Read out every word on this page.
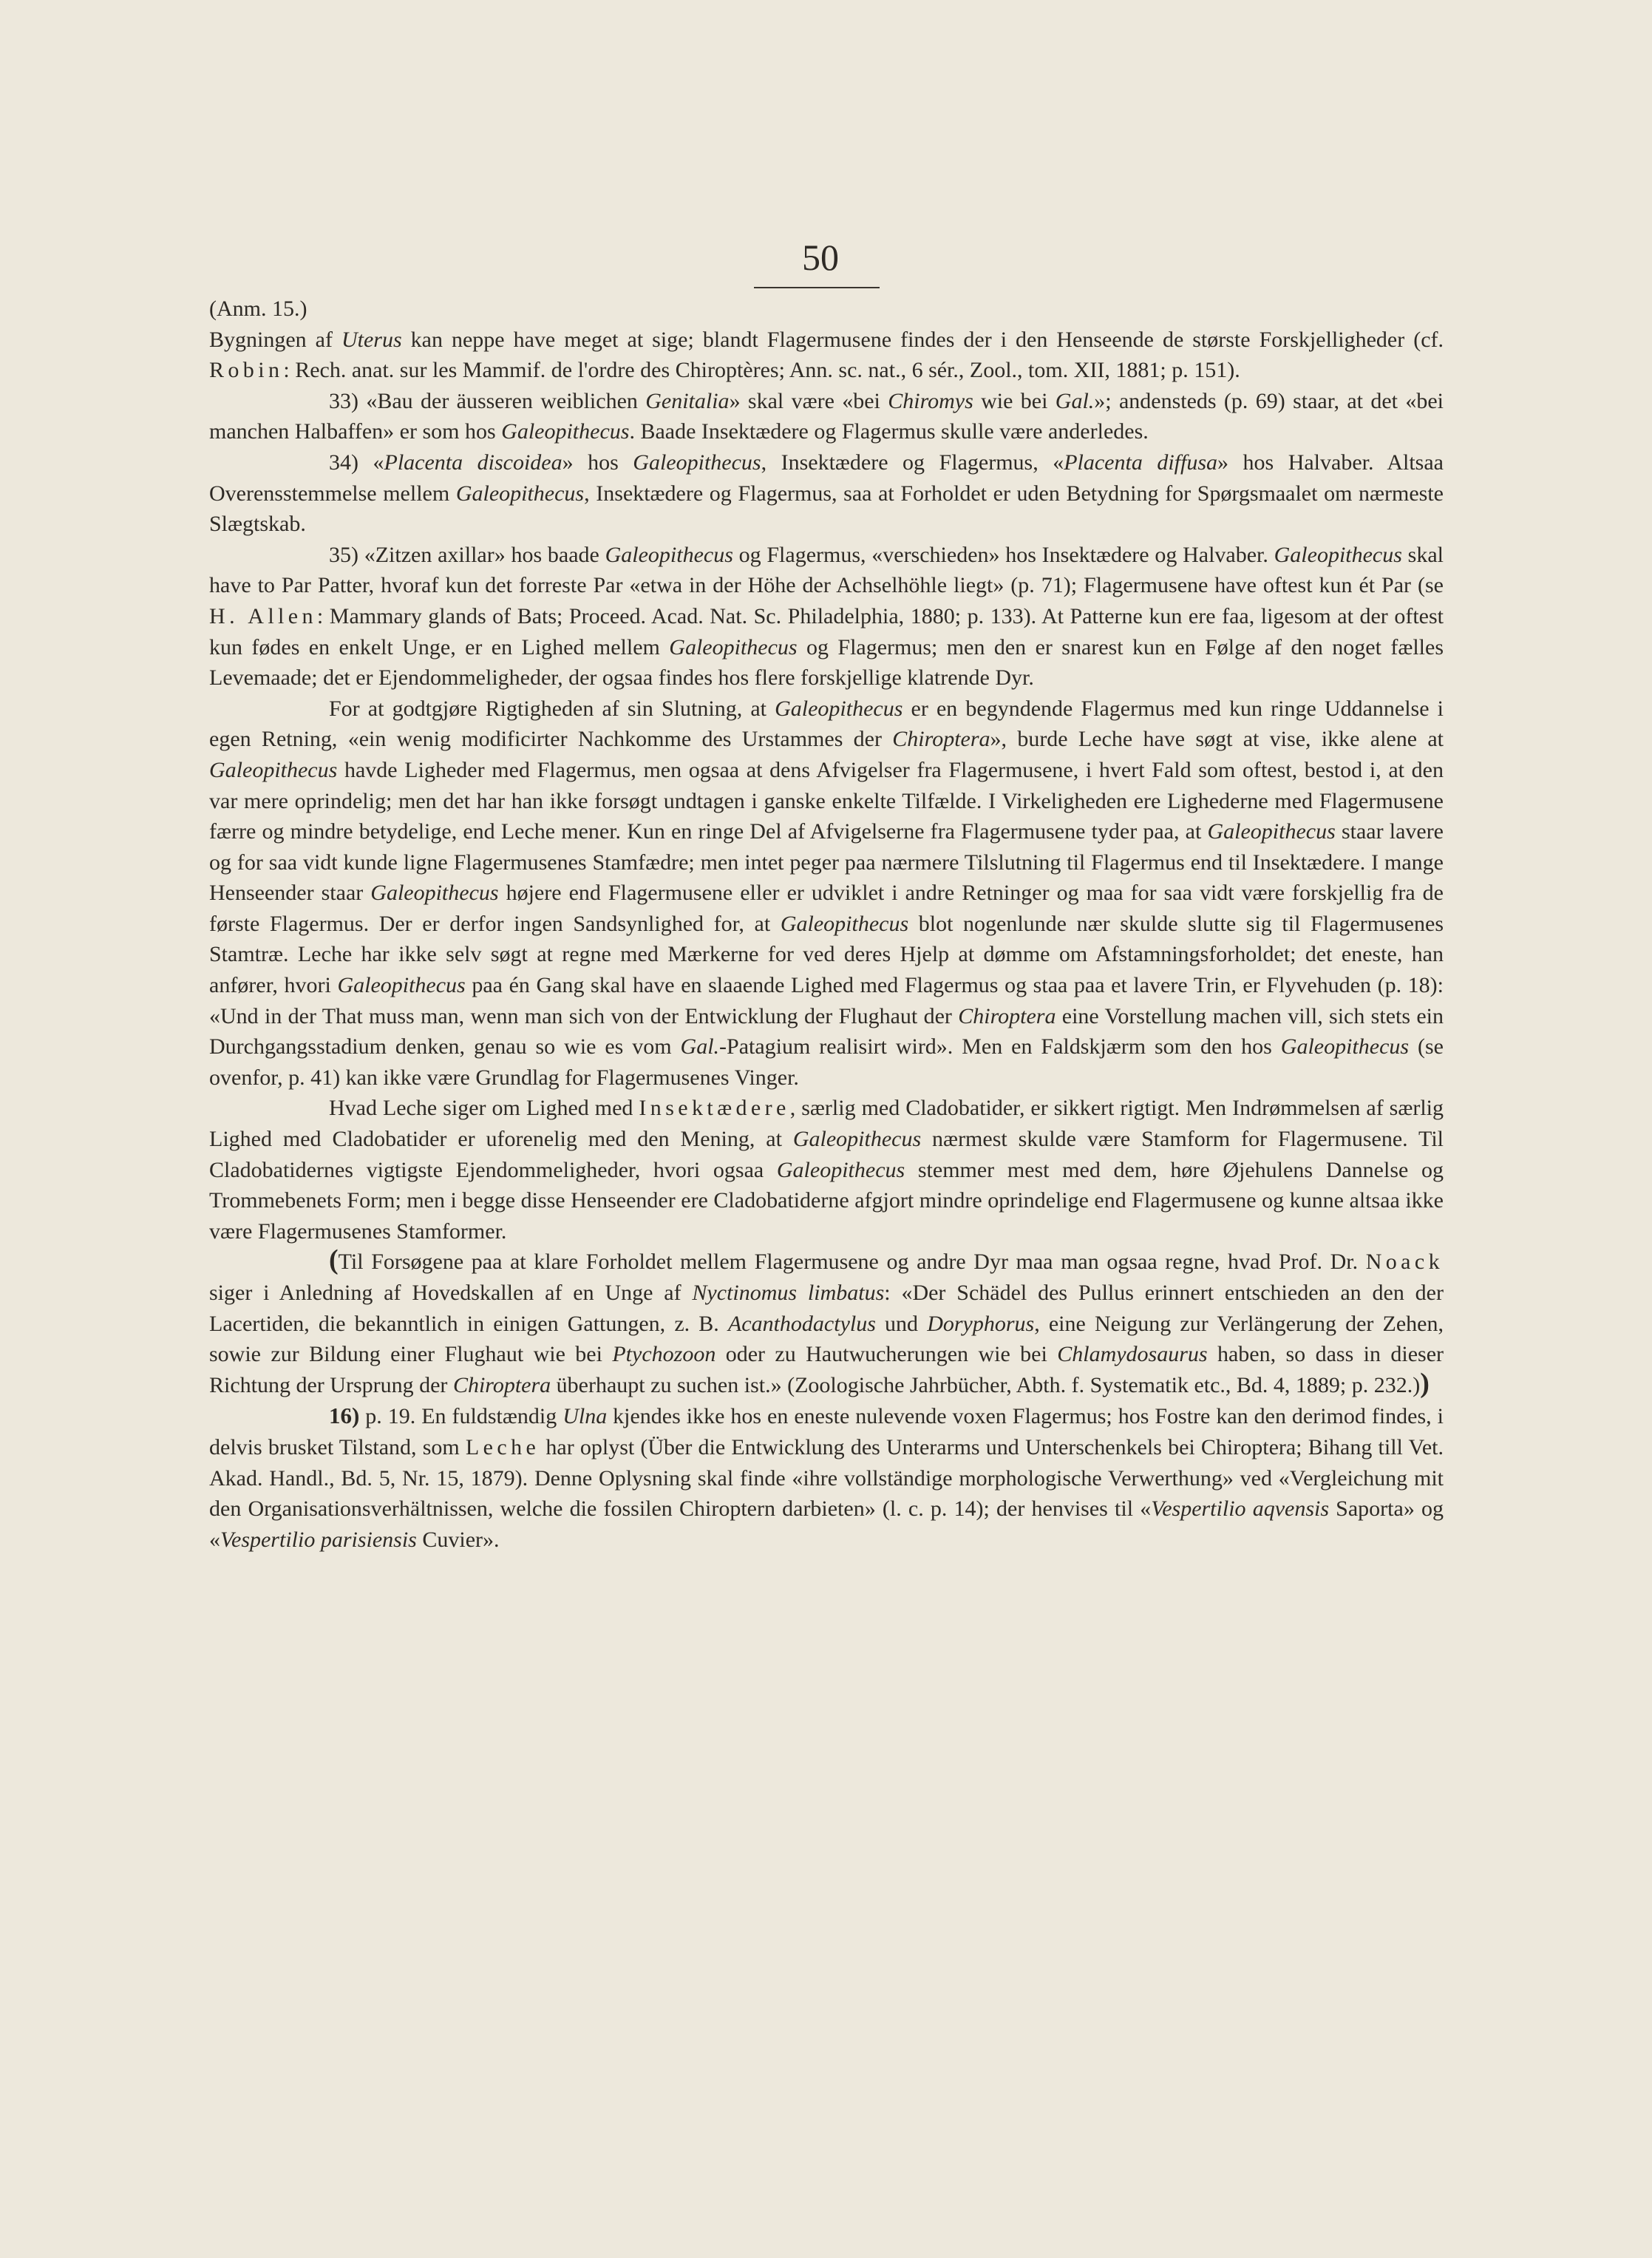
50

(Anm. 15.)

Bygningen af Uterus kan neppe have meget at sige; blandt Flagermusene findes der i den Henseende de største Forskjelligheder (cf. Robin: Rech. anat. sur les Mammif. de l'ordre des Chiroptères; Ann. sc. nat., 6 sér., Zool., tom. XII, 1881; p. 151).

33) «Bau der äusseren weiblichen Genitalia» skal være «bei Chiromys wie bei Gal.»; andensteds (p. 69) staar, at det «bei manchen Halbaffen» er som hos Galeopithecus. Baade Insektædere og Flagermus skulle være anderledes.

34) «Placenta discoidea» hos Galeopithecus, Insektædere og Flagermus, «Placenta diffusa» hos Halvaber. Altsaa Overensstemmelse mellem Galeopithecus, Insektædere og Flagermus, saa at Forholdet er uden Betydning for Spørgsmaalet om nærmeste Slægtskab.

35) «Zitzen axillar» hos baade Galeopithecus og Flagermus, «verschieden» hos Insektædere og Halvaber. Galeopithecus skal have to Par Patter, hvoraf kun det forreste Par «etwa in der Höhe der Achselhöhle liegt» (p. 71); Flagermusene have oftest kun ét Par (se H. Allen: Mammary glands of Bats; Proceed. Acad. Nat. Sc. Philadelphia, 1880; p. 133). At Patterne kun ere faa, ligesom at der oftest kun fødes en enkelt Unge, er en Lighed mellem Galeopithecus og Flagermus; men den er snarest kun en Følge af den noget fælles Levemaade; det er Ejendommeligheder, der ogsaa findes hos flere forskjellige klatrende Dyr.

For at godtgjøre Rigtigheden af sin Slutning, at Galeopithecus er en begyndende Flagermus med kun ringe Uddannelse i egen Retning, «ein wenig modificirter Nachkomme des Urstammes der Chiroptera», burde Leche have søgt at vise, ikke alene at Galeopithecus havde Ligheder med Flagermus, men ogsaa at dens Afvigelser fra Flagermusene, i hvert Fald som oftest, bestod i, at den var mere oprindelig; men det har han ikke forsøgt undtagen i ganske enkelte Tilfælde. I Virkeligheden ere Lighederne med Flagermusene færre og mindre betydelige, end Leche mener. Kun en ringe Del af Afvigelserne fra Flagermusene tyder paa, at Galeopithecus staar lavere og for saa vidt kunde ligne Flagermusenes Stamfædre; men intet peger paa nærmere Tilslutning til Flagermus end til Insektædere. I mange Henseender staar Galeopithecus højere end Flagermusene eller er udviklet i andre Retninger og maa for saa vidt være forskjellig fra de første Flagermus. Der er derfor ingen Sandsynlighed for, at Galeopithecus blot nogenlunde nær skulde slutte sig til Flagermusenes Stamtræ. Leche har ikke selv søgt at regne med Mærkerne for ved deres Hjelp at dømme om Afstamningsforholdet; det eneste, han anfører, hvori Galeopithecus paa én Gang skal have en slaaende Lighed med Flagermus og staa paa et lavere Trin, er Flyvehuden (p. 18): «Und in der That muss man, wenn man sich von der Entwicklung der Flughaut der Chiroptera eine Vorstellung machen vill, sich stets ein Durchgangsstadium denken, genau so wie es vom Gal.-Patagium realisirt wird». Men en Faldskjærm som den hos Galeopithecus (se ovenfor, p. 41) kan ikke være Grundlag for Flagermusenes Vinger.

Hvad Leche siger om Lighed med Insektædere, særlig med Cladobatider, er sikkert rigtigt. Men Indrømmelsen af særlig Lighed med Cladobatider er uforenelig med den Mening, at Galeopithecus nærmest skulde være Stamform for Flagermusene. Til Cladobatidernes vigtigste Ejendommeligheder, hvori ogsaa Galeopithecus stemmer mest med dem, høre Øjehulens Dannelse og Trommebenets Form; men i begge disse Henseender ere Cladobatiderne afgjort mindre oprindelige end Flagermusene og kunne altsaa ikke være Flagermusenes Stamformer.

(Til Forsøgene paa at klare Forholdet mellem Flagermusene og andre Dyr maa man ogsaa regne, hvad Prof. Dr. Noack siger i Anledning af Hovedskallen af en Unge af Nyctinomus limbatus: «Der Schädel des Pullus erinnert entschieden an den der Lacertiden, die bekanntlich in einigen Gattungen, z. B. Acanthodactylus und Doryphorus, eine Neigung zur Verlängerung der Zehen, sowie zur Bildung einer Flughaut wie bei Ptychozoon oder zu Hautwucherungen wie bei Chlamydosaurus haben, so dass in dieser Richtung der Ursprung der Chiroptera überhaupt zu suchen ist.» (Zoologische Jahrbücher, Abth. f. Systematik etc., Bd. 4, 1889; p. 232.))

16) p. 19. En fuldstændig Ulna kjendes ikke hos en eneste nulevende voxen Flagermus; hos Fostre kan den derimod findes, i delvis brusket Tilstand, som Leche har oplyst (Über die Entwicklung des Unterarms und Unterschenkels bei Chiroptera; Bihang till Vet. Akad. Handl., Bd. 5, Nr. 15, 1879). Denne Oplysning skal finde «ihre vollständige morphologische Verwerthung» ved «Vergleichung mit den Organisationsverhältnissen, welche die fossilen Chiroptern darbieten» (l. c. p. 14); der henvises til «Vespertilio aqvensis Saporta» og «Vespertilio parisiensis Cuvier».
